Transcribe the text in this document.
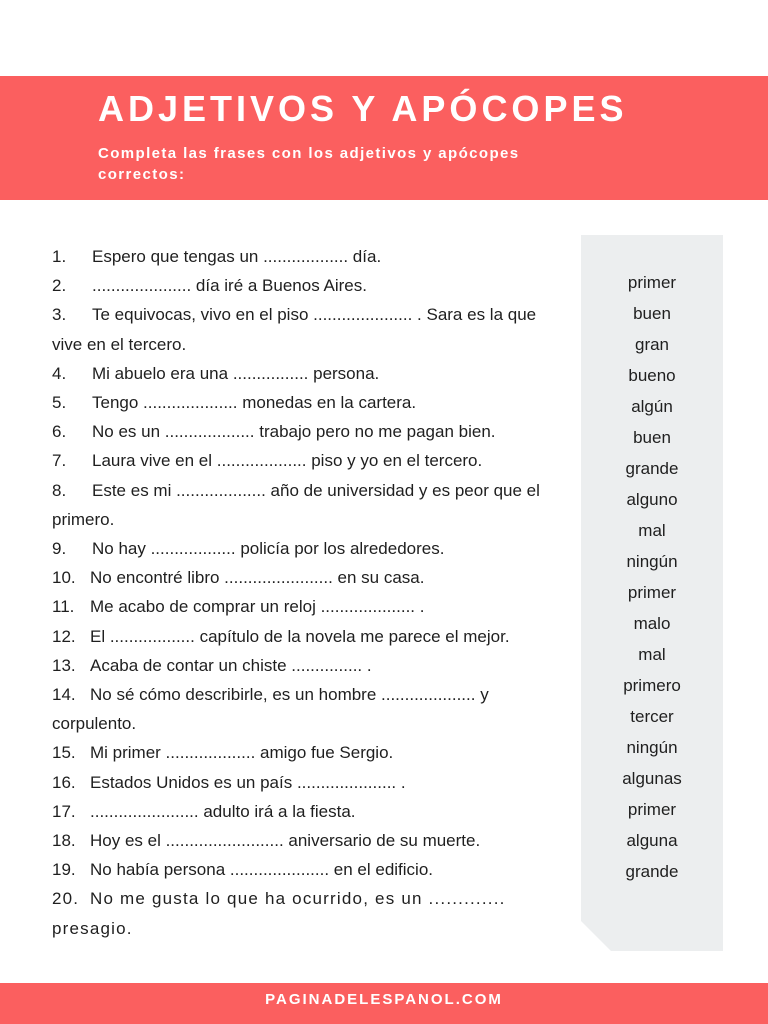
ADJETIVOS Y APÓCOPES
Completa las frases con los adjetivos y apócopes correctos:
1. Espero que tengas un .................. día.
2. ..................... día iré a Buenos Aires.
3. Te equivocas, vivo en el piso ..................... . Sara es la que vive en el tercero.
4. Mi abuelo era una ................ persona.
5. Tengo .................... monedas en la cartera.
6. No es un ................... trabajo pero no me pagan bien.
7. Laura vive en el ................... piso y yo en el tercero.
8. Este es mi ................... año de universidad y es peor que el primero.
9. No hay .................. policía por los alrededores.
10. No encontré libro ....................... en su casa.
11. Me acabo de comprar un reloj .................... .
12. El .................. capítulo de la novela me parece el mejor.
13. Acaba de contar un chiste ............... .
14. No sé cómo describirle, es un hombre .................... y corpulento.
15. Mi primer ................... amigo fue Sergio.
16. Estados Unidos es un país ..................... .
17. ....................... adulto irá a la fiesta.
18. Hoy es el ......................... aniversario de su muerte.
19. No había persona ..................... en el edificio.
20. No me gusta lo que ha ocurrido, es un ............. presagio.
primer
buen
gran
bueno
algún
buen
grande
alguno
mal
ningún
primer
malo
mal
primero
tercer
ningún
algunas
primer
alguna
grande
PAGINADELESPANOL.COM
